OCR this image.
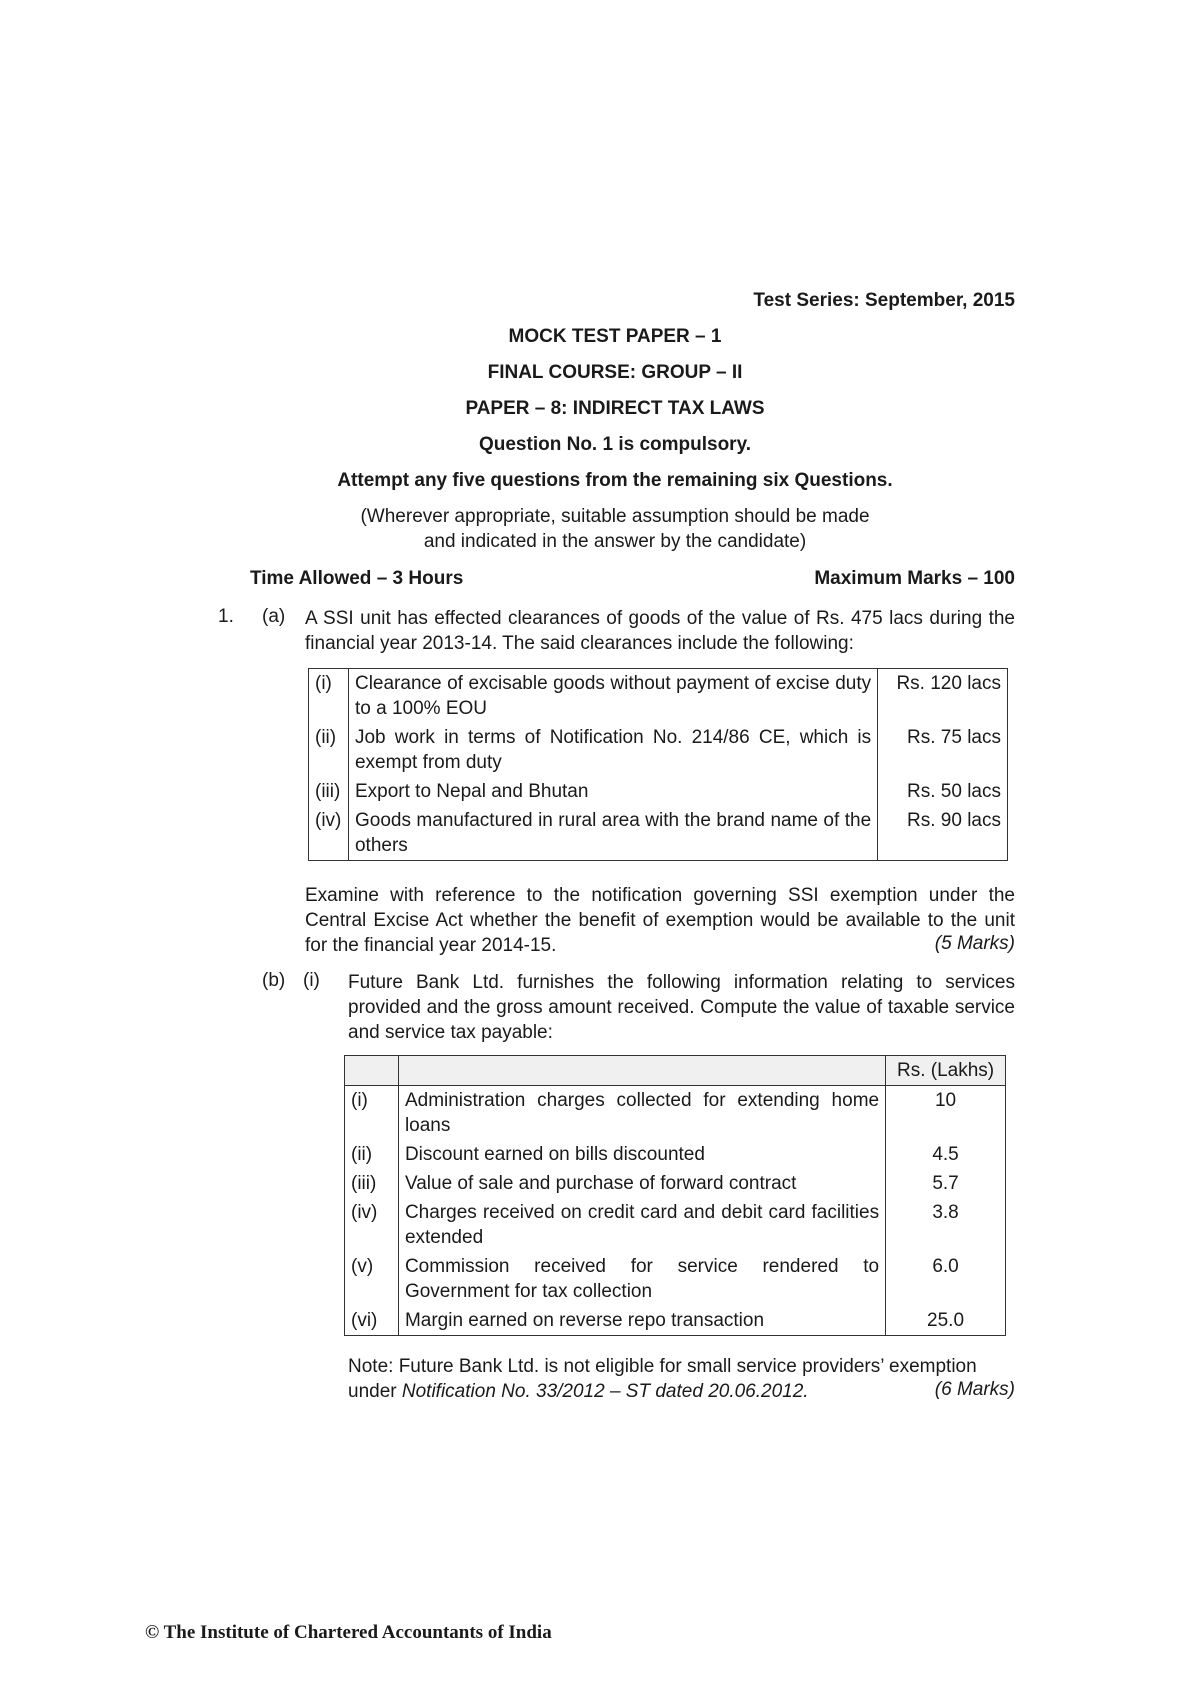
Test Series: September, 2015
MOCK TEST PAPER – 1
FINAL COURSE: GROUP – II
PAPER – 8: INDIRECT TAX LAWS
Question No. 1 is compulsory.
Attempt any five questions from the remaining six Questions.
(Wherever appropriate, suitable assumption should be made
and indicated in the answer by the candidate)
Time Allowed – 3 Hours	Maximum Marks – 100
1. (a) A SSI unit has effected clearances of goods of the value of Rs. 475 lacs during the financial year 2013-14. The said clearances include the following:
(i)	Clearance of excisable goods without payment of excise duty to a 100% EOU	Rs. 120 lacs
(ii)	Job work in terms of Notification No. 214/86 CE, which is exempt from duty	Rs. 75 lacs
(iii)	Export to Nepal and Bhutan	Rs. 50 lacs
(iv)	Goods manufactured in rural area with the brand name of the others	Rs. 90 lacs
Examine with reference to the notification governing SSI exemption under the Central Excise Act whether the benefit of exemption would be available to the unit for the financial year 2014-15.	(5 Marks)
(b) (i) Future Bank Ltd. furnishes the following information relating to services provided and the gross amount received. Compute the value of taxable service and service tax payable:
		Rs. (Lakhs)
(i)	Administration charges collected for extending home loans	10
(ii)	Discount earned on bills discounted	4.5
(iii)	Value of sale and purchase of forward contract	5.7
(iv)	Charges received on credit card and debit card facilities extended	3.8
(v)	Commission received for service rendered to Government for tax collection	6.0
(vi)	Margin earned on reverse repo transaction	25.0
Note: Future Bank Ltd. is not eligible for small service providers’ exemption
under Notification No. 33/2012 – ST dated 20.06.2012.	(6 Marks)
© The Institute of Chartered Accountants of India
